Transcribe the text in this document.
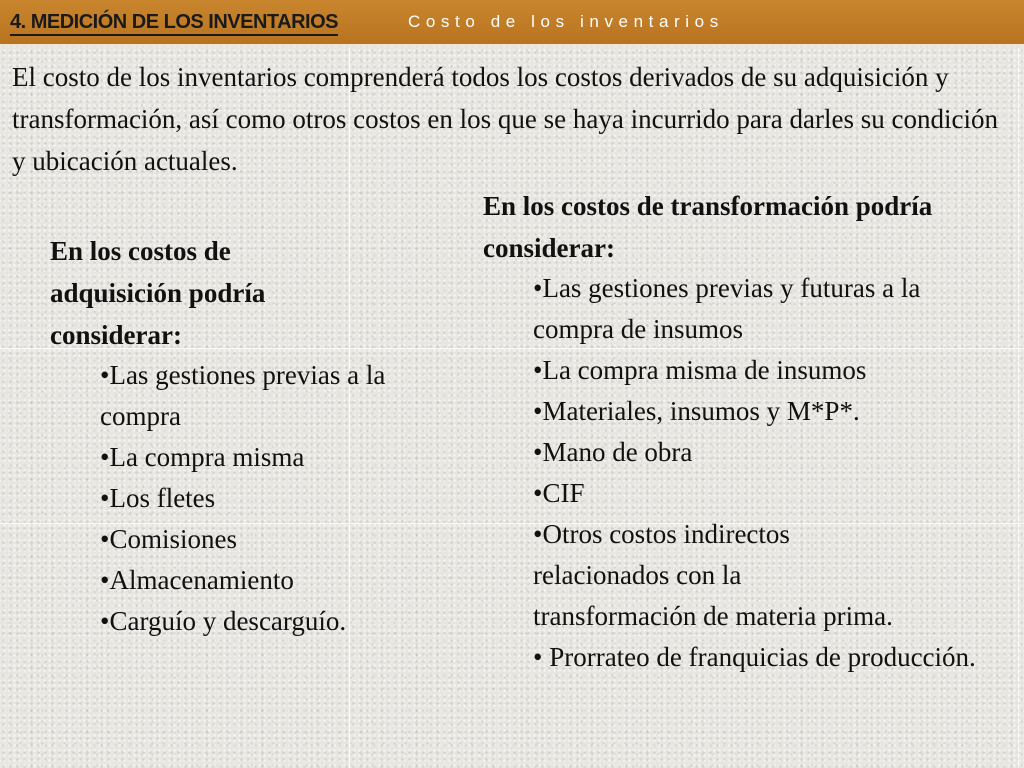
4. MEDICIÓN DE LOS INVENTARIOS	Costo de los inventarios

El costo de los inventarios comprenderá todos los costos derivados de su adquisición y transformación, así como otros costos en los que se haya incurrido para darles su condición y ubicación actuales.

En los costos de adquisición podría considerar:

•Las gestiones previas a la compra
•La compra misma
•Los fletes
•Comisiones
•Almacenamiento
•Carguío y descarguío.

En los costos de transformación podría considerar:

•Las gestiones previas y futuras a la compra de insumos
•La compra misma de insumos
•Materiales, insumos y M*P*.
•Mano de obra
•CIF
•Otros costos indirectos relacionados con la transformación de materia prima.
• Prorrateo de franquicias de producción.
